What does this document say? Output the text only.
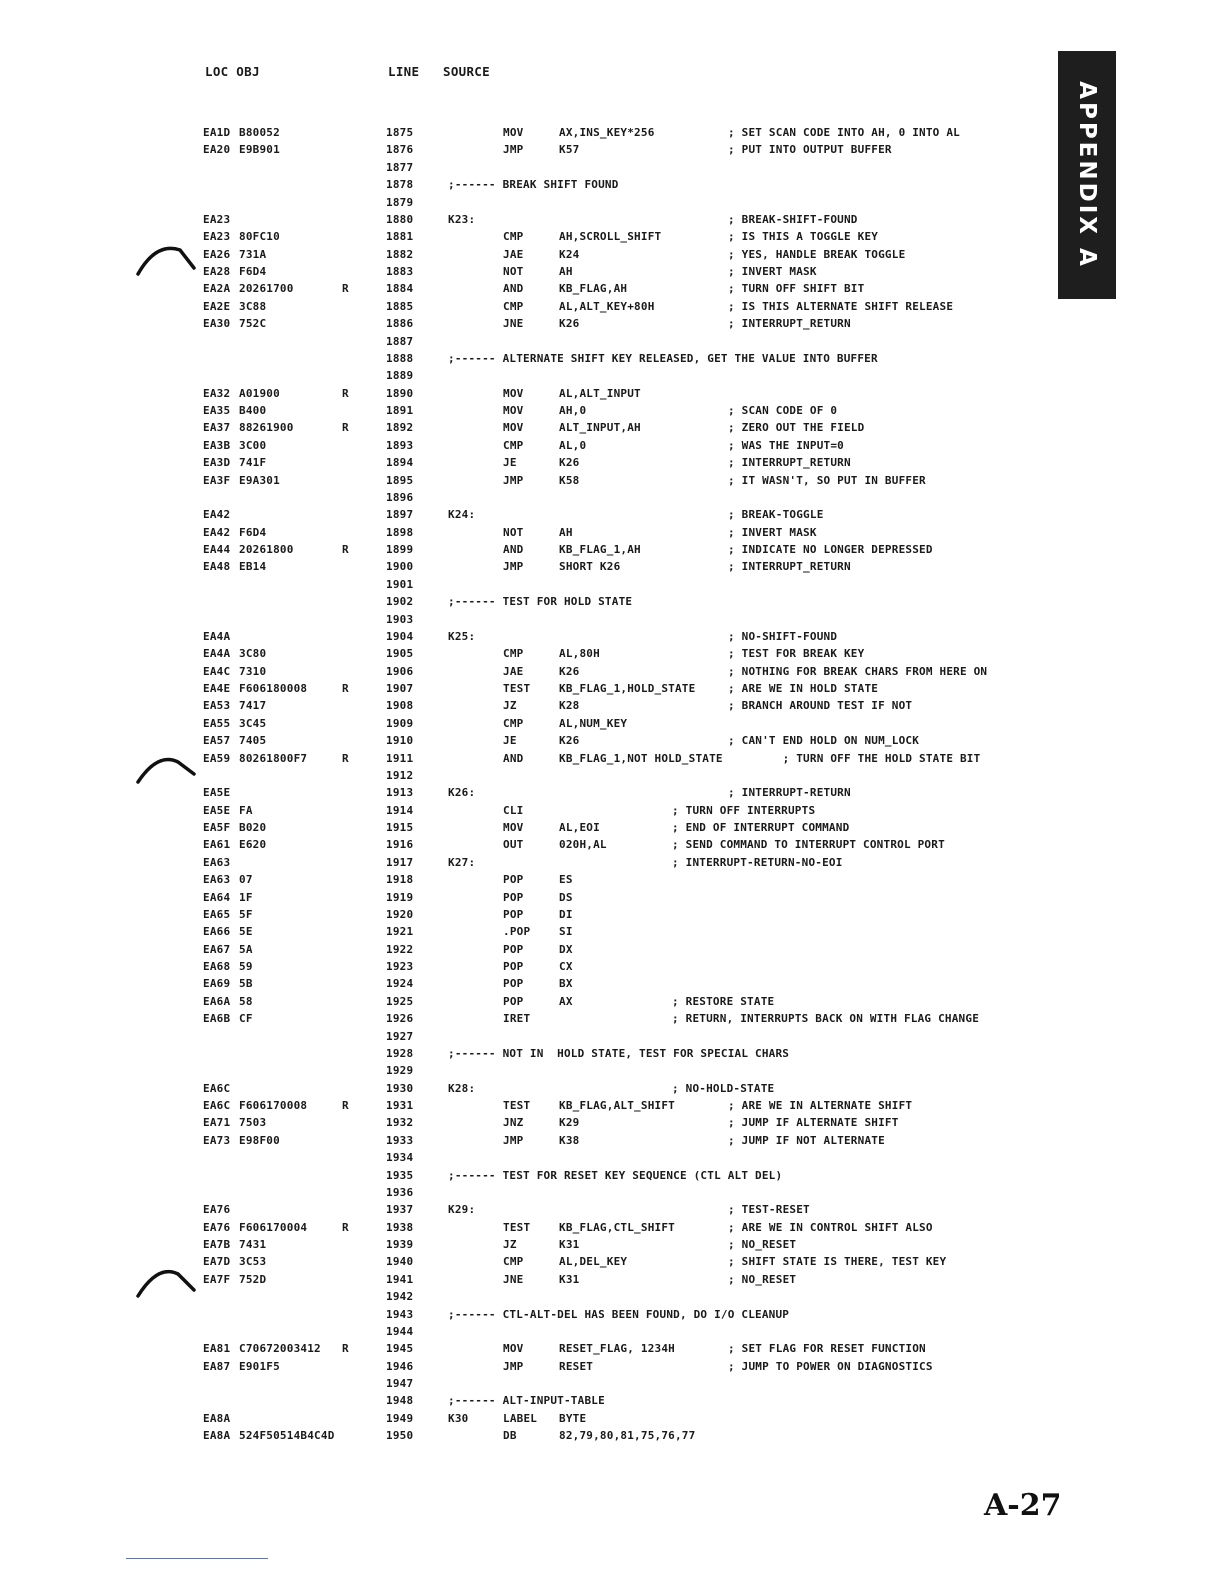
LOC OBJ	LINE SOURCE
APPENDIX A
EA1D B80052	1875	MOV	AX,INS_KEY*256	; SET SCAN CODE INTO AH, 0 INTO AL
EA20 E9B901	1876	JMP	K57	; PUT INTO OUTPUT BUFFER
1877
1878	;------ BREAK SHIFT FOUND
1879
EA23	1880	K23:	; BREAK-SHIFT-FOUND
EA23 80FC10	1881	CMP	AH,SCROLL_SHIFT	; IS THIS A TOGGLE KEY
EA26 731A	1882	JAE	K24	; YES, HANDLE BREAK TOGGLE
EA28 F6D4	1883	NOT	AH	; INVERT MASK
EA2A 20261700	R	1884	AND	KB_FLAG,AH	; TURN OFF SHIFT BIT
EA2E 3C88	1885	CMP	AL,ALT_KEY+80H	; IS THIS ALTERNATE SHIFT RELEASE
EA30 752C	1886	JNE	K26	; INTERRUPT_RETURN
1887
1888	;------ ALTERNATE SHIFT KEY RELEASED, GET THE VALUE INTO BUFFER
1889
EA32 A01900	R	1890	MOV	AL,ALT_INPUT
EA35 B400	1891	MOV	AH,0	; SCAN CODE OF 0
EA37 88261900	R	1892	MOV	ALT_INPUT,AH	; ZERO OUT THE FIELD
EA3B 3C00	1893	CMP	AL,0	; WAS THE INPUT=0
EA3D 741F	1894	JE	K26	; INTERRUPT_RETURN
EA3F E9A301	1895	JMP	K58	; IT WASN'T, SO PUT IN BUFFER
1896
EA42	1897	K24:	; BREAK-TOGGLE
EA42 F6D4	1898	NOT	AH	; INVERT MASK
EA44 20261800	R	1899	AND	KB_FLAG_1,AH	; INDICATE NO LONGER DEPRESSED
EA48 EB14	1900	JMP	SHORT K26	; INTERRUPT_RETURN
1901
1902	;------ TEST FOR HOLD STATE
1903
EA4A	1904	K25:	; NO-SHIFT-FOUND
EA4A 3C80	1905	CMP	AL,80H	; TEST FOR BREAK KEY
EA4C 7310	1906	JAE	K26	; NOTHING FOR BREAK CHARS FROM HERE ON
EA4E F606180008	R	1907	TEST	KB_FLAG_1,HOLD_STATE	; ARE WE IN HOLD STATE
EA53 7417	1908	JZ	K28	; BRANCH AROUND TEST IF NOT
EA55 3C45	1909	CMP	AL,NUM_KEY
EA57 7405	1910	JE	K26	; CAN'T END HOLD ON NUM_LOCK
EA59 80261800F7	R	1911	AND	KB_FLAG_1,NOT HOLD_STATE ; TURN OFF THE HOLD STATE BIT
1912
EA5E	1913	K26:	; INTERRUPT-RETURN
EA5E FA	1914	CLI	; TURN OFF INTERRUPTS
EA5F B020	1915	MOV	AL,EOI	; END OF INTERRUPT COMMAND
EA61 E620	1916	OUT	020H,AL	; SEND COMMAND TO INTERRUPT CONTROL PORT
EA63	1917	K27:	; INTERRUPT-RETURN-NO-EOI
EA63 07	1918	POP	ES
EA64 1F	1919	POP	DS
EA65 5F	1920	POP	DI
EA66 5E	1921	.POP	SI
EA67 5A	1922	POP	DX
EA68 59	1923	POP	CX
EA69 5B	1924	POP	BX
EA6A 58	1925	POP	AX	; RESTORE STATE
EA6B CF	1926	IRET	; RETURN, INTERRUPTS BACK ON WITH FLAG CHANGE
1927
1928	;------ NOT IN  HOLD STATE, TEST FOR SPECIAL CHARS
1929
EA6C	1930	K28:	; NO-HOLD-STATE
EA6C F606170008	R	1931	TEST	KB_FLAG,ALT_SHIFT	; ARE WE IN ALTERNATE SHIFT
EA71 7503	1932	JNZ	K29	; JUMP IF ALTERNATE SHIFT
EA73 E98F00	1933	JMP	K38	; JUMP IF NOT ALTERNATE
1934
1935	;------ TEST FOR RESET KEY SEQUENCE (CTL ALT DEL)
1936
EA76	1937	K29:	; TEST-RESET
EA76 F606170004	R	1938	TEST	KB_FLAG,CTL_SHIFT	; ARE WE IN CONTROL SHIFT ALSO
EA7B 7431	1939	JZ	K31	; NO_RESET
EA7D 3C53	1940	CMP	AL,DEL_KEY	; SHIFT STATE IS THERE, TEST KEY
EA7F 752D	1941	JNE	K31	; NO_RESET
1942
1943	;------ CTL-ALT-DEL HAS BEEN FOUND, DO I/O CLEANUP
1944
EA81 C70672003412 R	1945	MOV	RESET_FLAG, 1234H	; SET FLAG FOR RESET FUNCTION
EA87 E901F5	1946	JMP	RESET	; JUMP TO POWER ON DIAGNOSTICS
1947
1948	;------ ALT-INPUT-TABLE
EA8A	1949	K30	LABEL BYTE
EA8A 524F50514B4C4D	1950	DB	82,79,80,81,75,76,77
A-27
